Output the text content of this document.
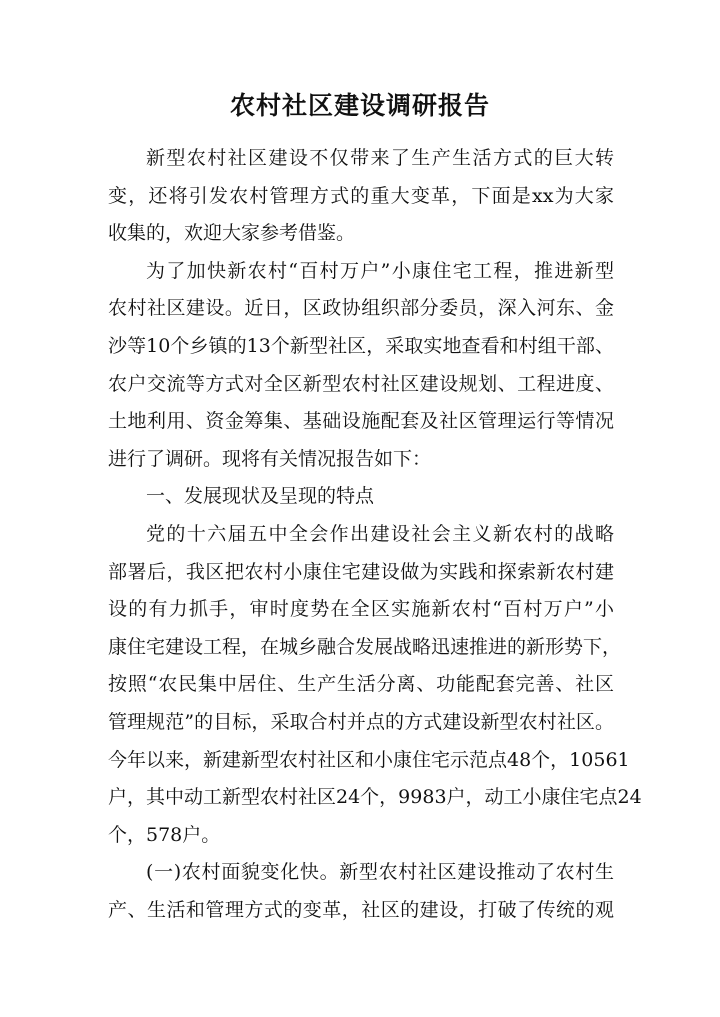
农村社区建设调研报告
新型农村社区建设不仅带来了生产生活方式的巨大转
变，还将引发农村管理方式的重大变革，下面是xx为大家
收集的，欢迎大家参考借鉴。
为了加快新农村“百村万户”小康住宅工程，推进新型
农村社区建设。近日，区政协组织部分委员，深入河东、金
沙等10个乡镇的13个新型社区，采取实地查看和村组干部、
农户交流等方式对全区新型农村社区建设规划、工程进度、
土地利用、资金筹集、基础设施配套及社区管理运行等情况
进行了调研。现将有关情况报告如下：
一、发展现状及呈现的特点
党的十六届五中全会作出建设社会主义新农村的战略
部署后，我区把农村小康住宅建设做为实践和探索新农村建
设的有力抓手，审时度势在全区实施新农村“百村万户”小
康住宅建设工程，在城乡融合发展战略迅速推进的新形势下，
按照“农民集中居住、生产生活分离、功能配套完善、社区
管理规范”的目标，采取合村并点的方式建设新型农村社区。
今年以来，新建新型农村社区和小康住宅示范点48个，10561
户，其中动工新型农村社区24个，9983户，动工小康住宅点24
个，578户。
(一)农村面貌变化快。新型农村社区建设推动了农村生
产、生活和管理方式的变革，社区的建设，打破了传统的观
